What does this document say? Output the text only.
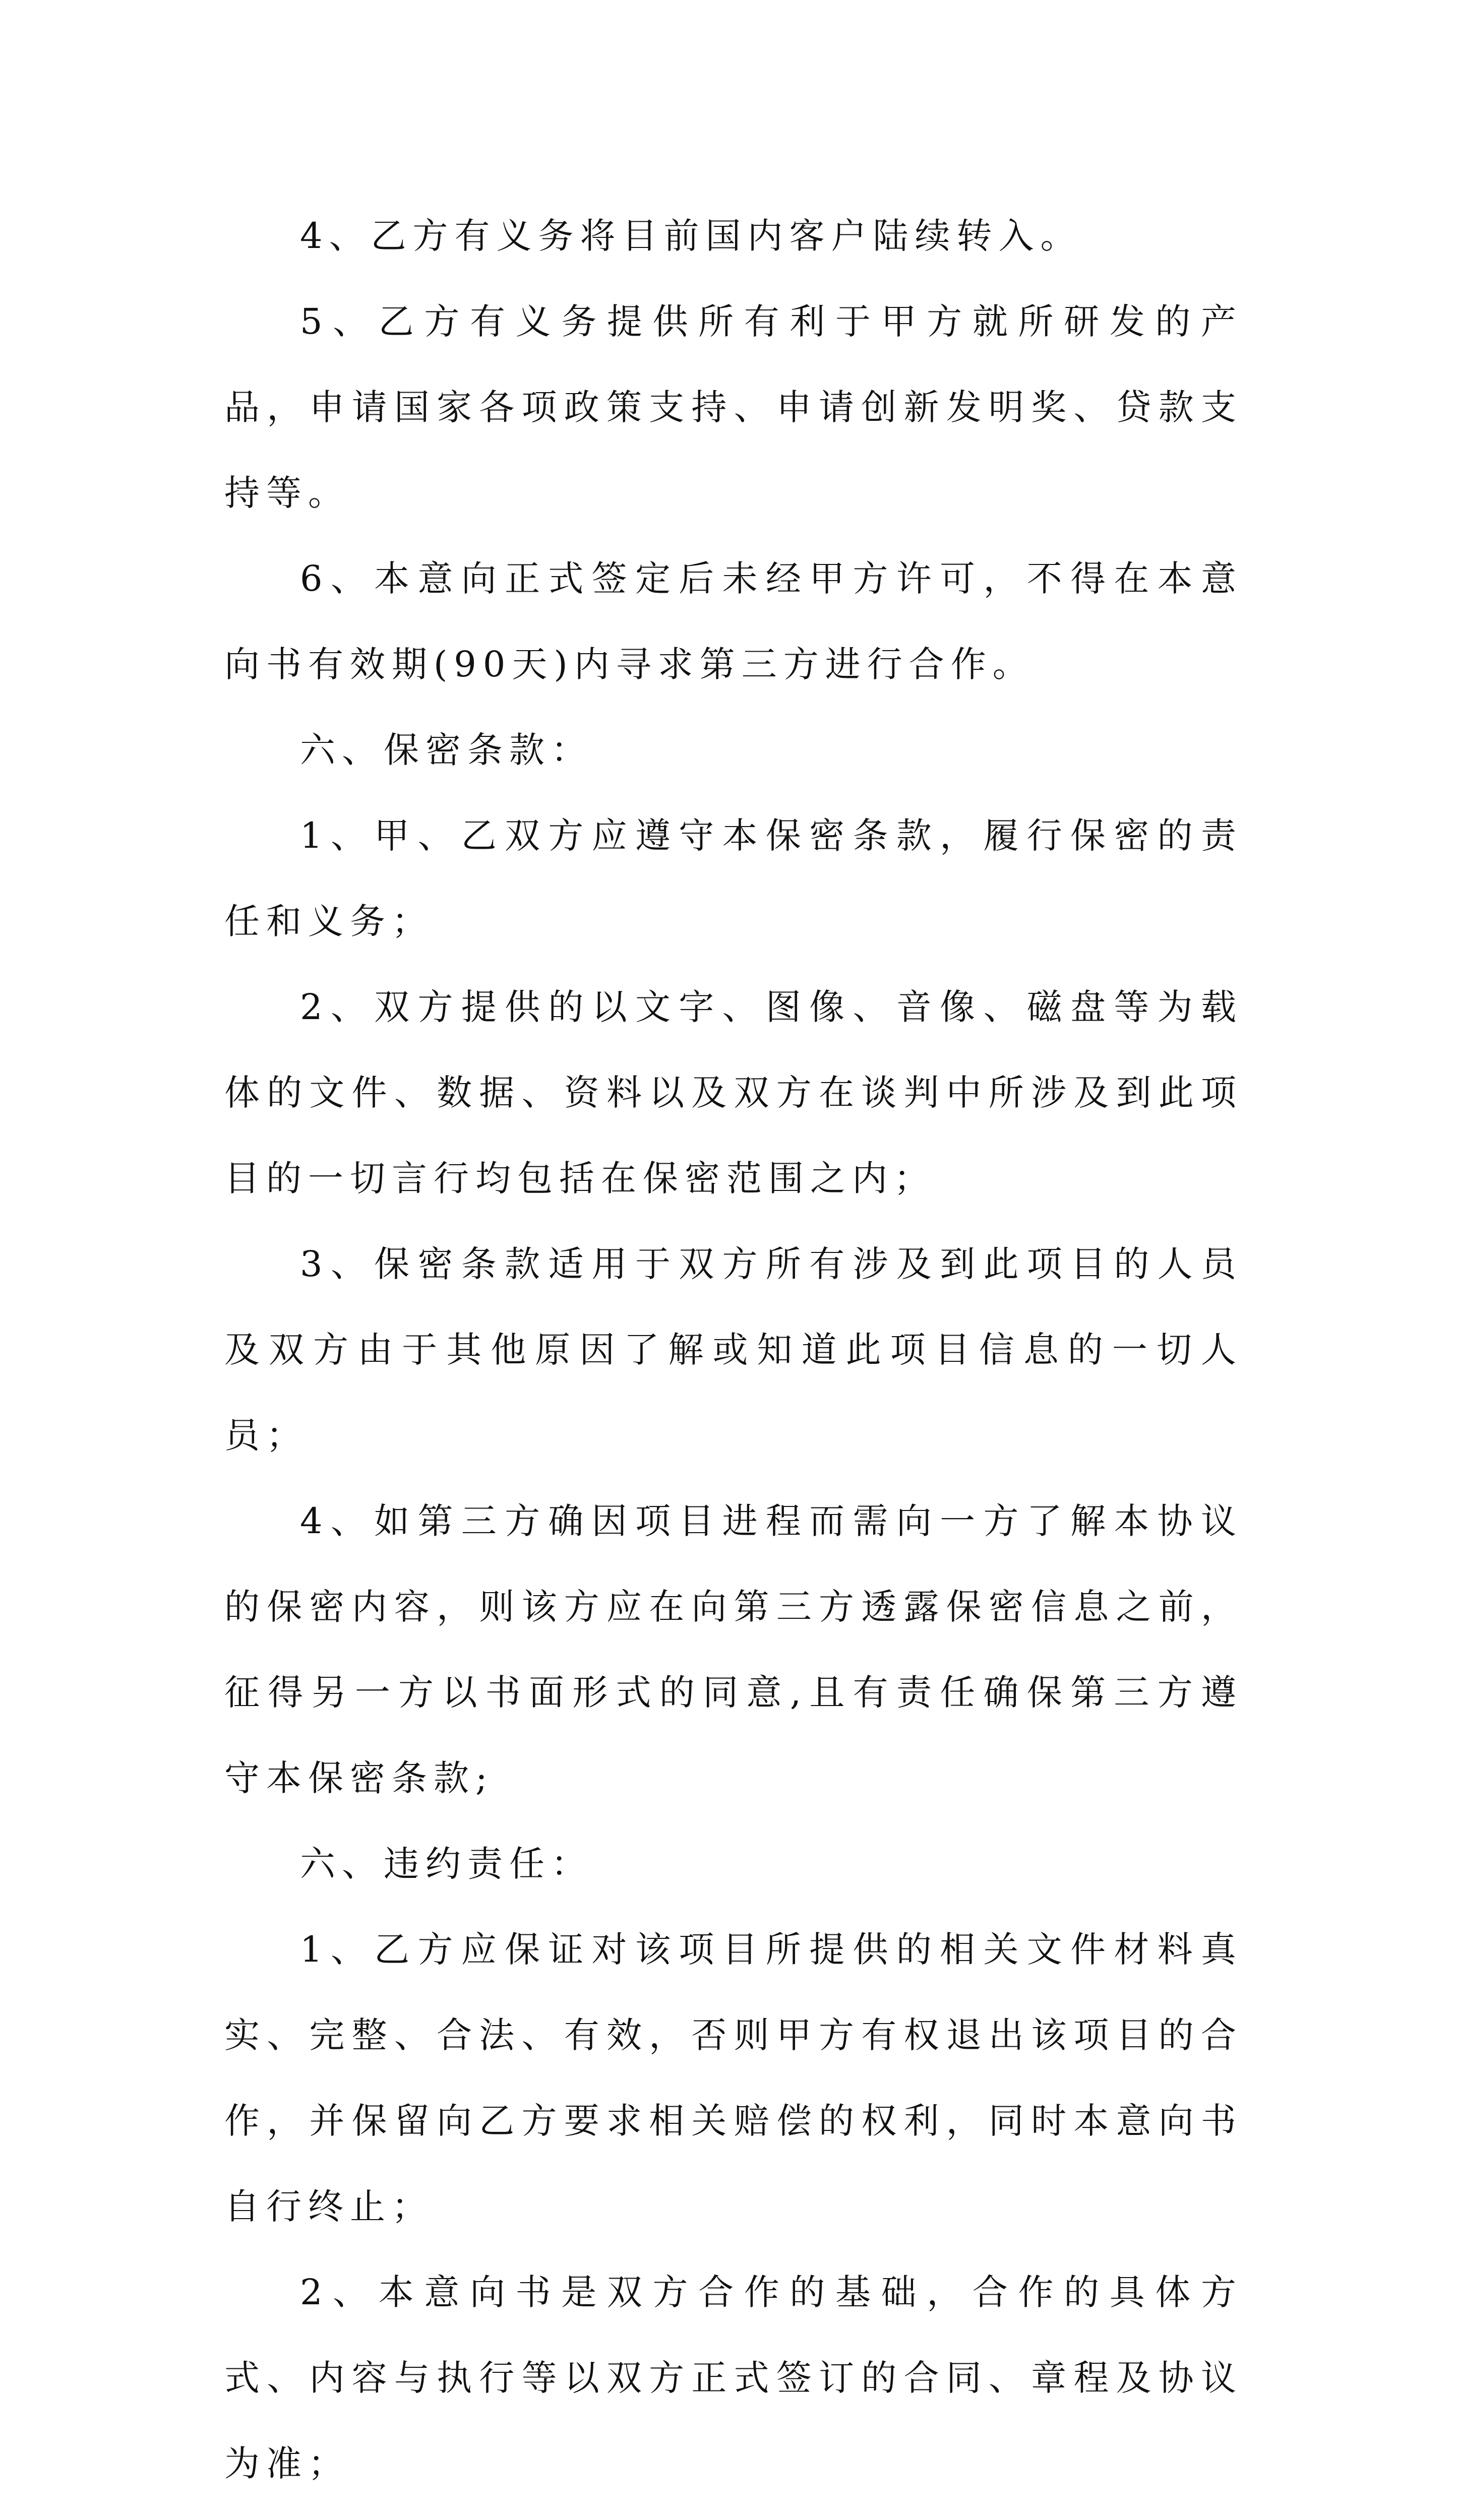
4、乙方有义务将目前国内客户陆续转入。

5、乙方有义务提供所有利于甲方就所研发的产品，申请国家各项政策支持、申请创新发明奖、贷款支持等。

6、本意向正式签定后未经甲方许可，不得在本意向书有效期(90天)内寻求第三方进行合作。

六、保密条款：

1、甲、乙双方应遵守本保密条款，履行保密的责任和义务；

2、双方提供的以文字、图像、音像、磁盘等为载体的文件、数据、资料以及双方在谈判中所涉及到此项目的一切言行均包括在保密范围之内；

3、保密条款适用于双方所有涉及到此项目的人员及双方由于其他原因了解或知道此项目信息的一切人员；

4、如第三方确因项目进程而需向一方了解本协议的保密内容，则该方应在向第三方透露保密信息之前，征得另一方以书面形式的同意,且有责任确保第三方遵守本保密条款;

六、违约责任：

1、乙方应保证对该项目所提供的相关文件材料真实、完整、合法、有效，否则甲方有权退出该项目的合作，并保留向乙方要求相关赔偿的权利，同时本意向书自行终止；

2、本意向书是双方合作的基础，合作的具体方式、内容与执行等以双方正式签订的合同、章程及协议为准；
